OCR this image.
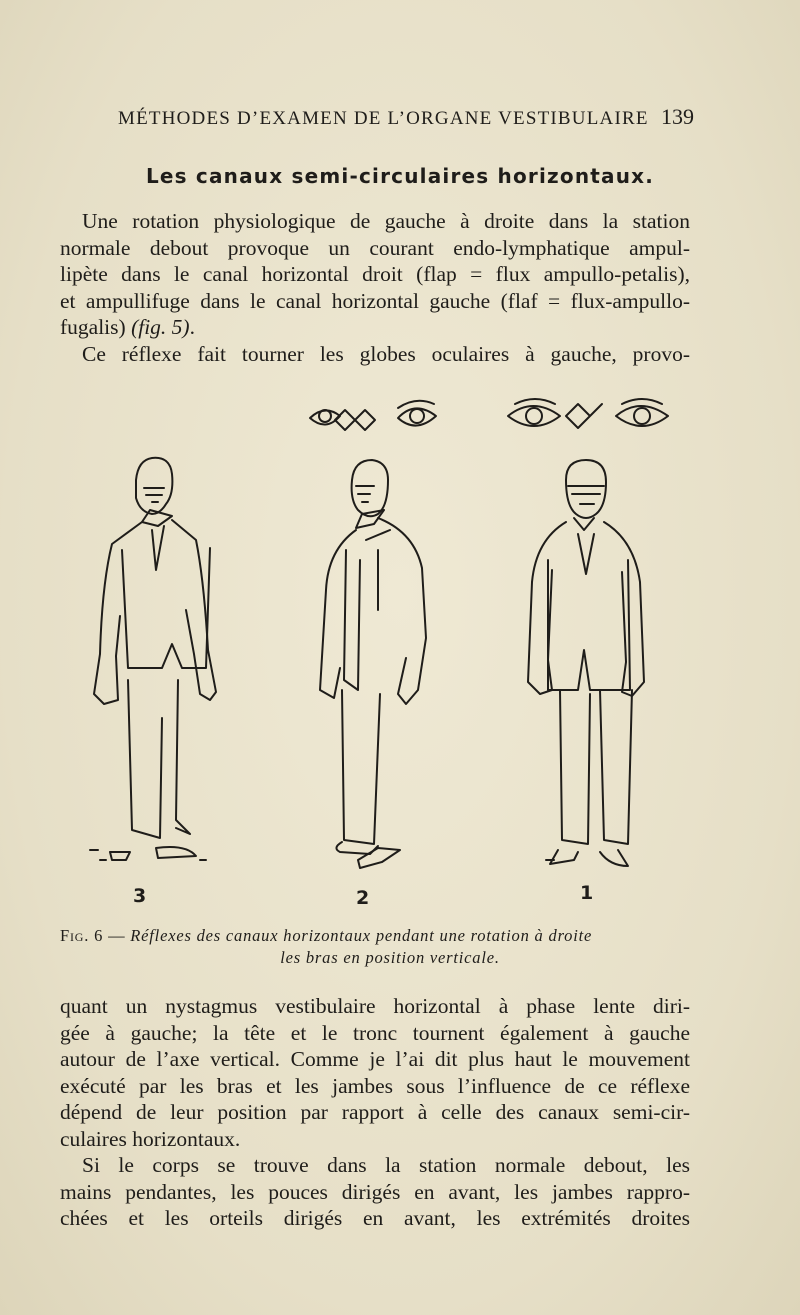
MÉTHODES D’EXAMEN DE L’ORGANE VESTIBULAIRE 139
Les canaux semi-circulaires horizontaux.
Une rotation physiologique de gauche à droite dans la station
normale debout provoque un courant endo-lymphatique ampul-
lipète dans le canal horizontal droit (flap = flux ampullo-petalis),
et ampullifuge dans le canal horizontal gauche (flaf = flux-ampullo-
fugalis) (fig. 5).
Ce réflexe fait tourner les globes oculaires à gauche, provo-
3	2	1
Fig. 6 — Réflexes des canaux horizontaux pendant une rotation à droite
les bras en position verticale.
quant un nystagmus vestibulaire horizontal à phase lente diri-
gée à gauche; la tête et le tronc tournent également à gauche
autour de l’axe vertical. Comme je l’ai dit plus haut le mouvement
exécuté par les bras et les jambes sous l’influence de ce réflexe
dépend de leur position par rapport à celle des canaux semi-cir-
culaires horizontaux.
Si le corps se trouve dans la station normale debout, les
mains pendantes, les pouces dirigés en avant, les jambes rappro-
chées et les orteils dirigés en avant, les extrémités droites
